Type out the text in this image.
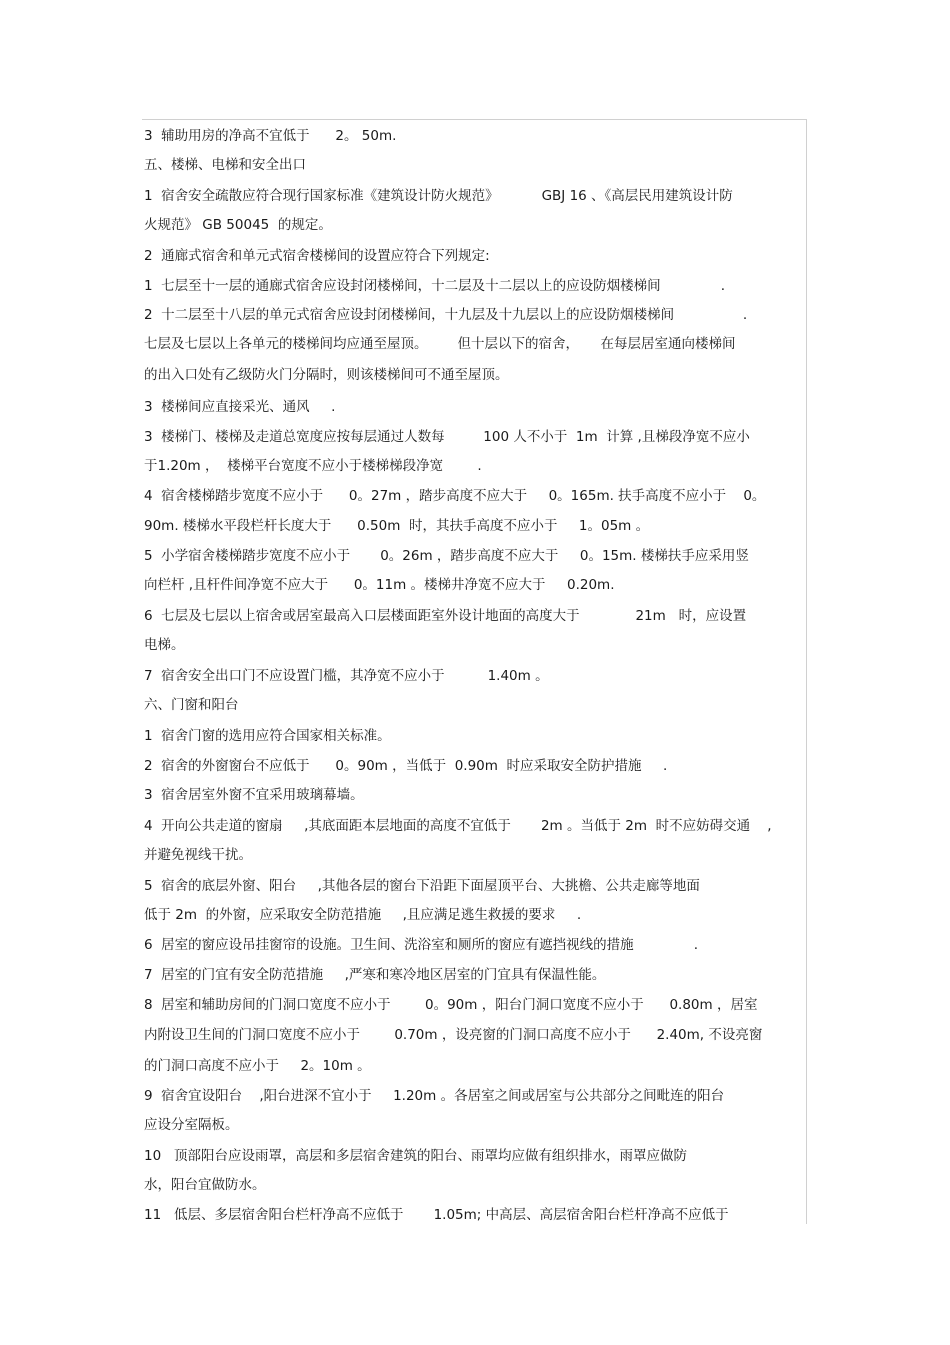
3  辅助用房的净高不宜低于      2。 50m.
五、楼梯、电梯和安全出口
1  宿舍安全疏散应符合现行国家标准《建筑设计防火规范》          GBJ 16 、《高层民用建筑设计防
火规范》 GB 50045  的规定。
2  通廊式宿舍和单元式宿舍楼梯间的设置应符合下列规定:
1  七层至十一层的通廊式宿舍应设封闭楼梯间，十二层及十二层以上的应设防烟楼梯间              .
2  十二层至十八层的单元式宿舍应设封闭楼梯间，十九层及十九层以上的应设防烟楼梯间                .
七层及七层以上各单元的楼梯间均应通至屋顶。       但十层以下的宿舍，     在每层居室通向楼梯间
的出入口处有乙级防火门分隔时，则该楼梯间可不通至屋顶。
3  楼梯间应直接采光、通风     .
3  楼梯门、楼梯及走道总宽度应按每层通过人数每         100 人不小于  1m  计算 ,且梯段净宽不应小
于1.20m ，  楼梯平台宽度不应小于楼梯梯段净宽        .
4  宿舍楼梯踏步宽度不应小于      0。27m ，踏步高度不应大于     0。165m. 扶手高度不应小于    0。
90m. 楼梯水平段栏杆长度大于      0.50m  时，其扶手高度不应小于     1。05m 。
5  小学宿舍楼梯踏步宽度不应小于       0。26m ，踏步高度不应大于     0。15m. 楼梯扶手应采用竖
向栏杆 ,且杆件间净宽不应大于      0。11m 。楼梯井净宽不应大于     0.20m.
6  七层及七层以上宿舍或居室最高入口层楼面距室外设计地面的高度大于             21m   时，应设置
电梯。
7  宿舍安全出口门不应设置门槛，其净宽不应小于          1.40m 。
六、门窗和阳台
1  宿舍门窗的选用应符合国家相关标准。
2  宿舍的外窗窗台不应低于      0。90m ，当低于  0.90m  时应采取安全防护措施     .
3  宿舍居室外窗不宜采用玻璃幕墙。
4  开向公共走道的窗扇     ,其底面距本层地面的高度不宜低于       2m 。当低于 2m  时不应妨碍交通    ,
并避免视线干扰。
5  宿舍的底层外窗、阳台     ,其他各层的窗台下沿距下面屋顶平台、大挑檐、公共走廊等地面
低于 2m  的外窗，应采取安全防范措施     ,且应满足逃生救援的要求     .
6  居室的窗应设吊挂窗帘的设施。卫生间、洗浴室和厕所的窗应有遮挡视线的措施              .
7  居室的门宜有安全防范措施     ,严寒和寒冷地区居室的门宜具有保温性能。
8  居室和辅助房间的门洞口宽度不应小于        0。90m ，阳台门洞口宽度不应小于      0.80m ，居室
内附设卫生间的门洞口宽度不应小于        0.70m ，设亮窗的门洞口高度不应小于      2.40m, 不设亮窗
的门洞口高度不应小于     2。10m 。
9  宿舍宜设阳台    ,阳台进深不宜小于     1.20m 。各居室之间或居室与公共部分之间毗连的阳台
应设分室隔板。
10   顶部阳台应设雨罩，高层和多层宿舍建筑的阳台、雨罩均应做有组织排水，雨罩应做防
水，阳台宜做防水。
11   低层、多层宿舍阳台栏杆净高不应低于       1.05m; 中高层、高层宿舍阳台栏杆净高不应低于
